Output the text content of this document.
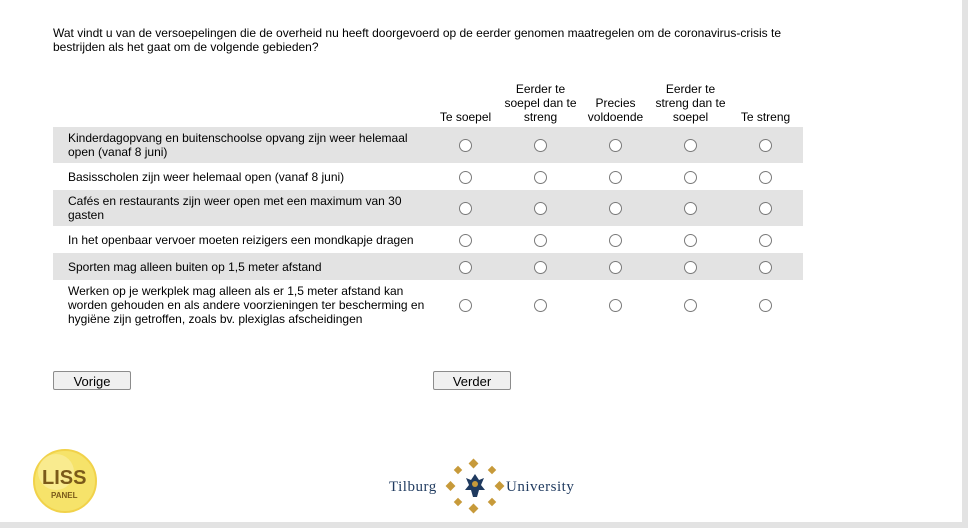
Wat vindt u van de versoepelingen die de overheid nu heeft doorgevoerd op de eerder genomen maatregelen om de coronavirus-crisis te bestrijden als het gaat om de volgende gebieden?
	Te soepel	Eerder te soepel dan te streng	Precies voldoende	Eerder te streng dan te soepel	Te streng
Kinderdagopvang en buitenschoolse opvang zijn weer helemaal open (vanaf 8 juni)					
Basisscholen zijn weer helemaal open (vanaf 8 juni)					
Cafés en restaurants zijn weer open met een maximum van 30 gasten					
In het openbaar vervoer moeten reizigers een mondkapje dragen					
Sporten mag alleen buiten op 1,5 meter afstand					
Werken op je werkplek mag alleen als er 1,5 meter afstand kan worden gehouden en als andere voorzieningen ter bescherming en hygiëne zijn getroffen, zoals bv. plexiglas afscheidingen					
Vorige	Verder
LISS
PANEL
Tilburg	University
